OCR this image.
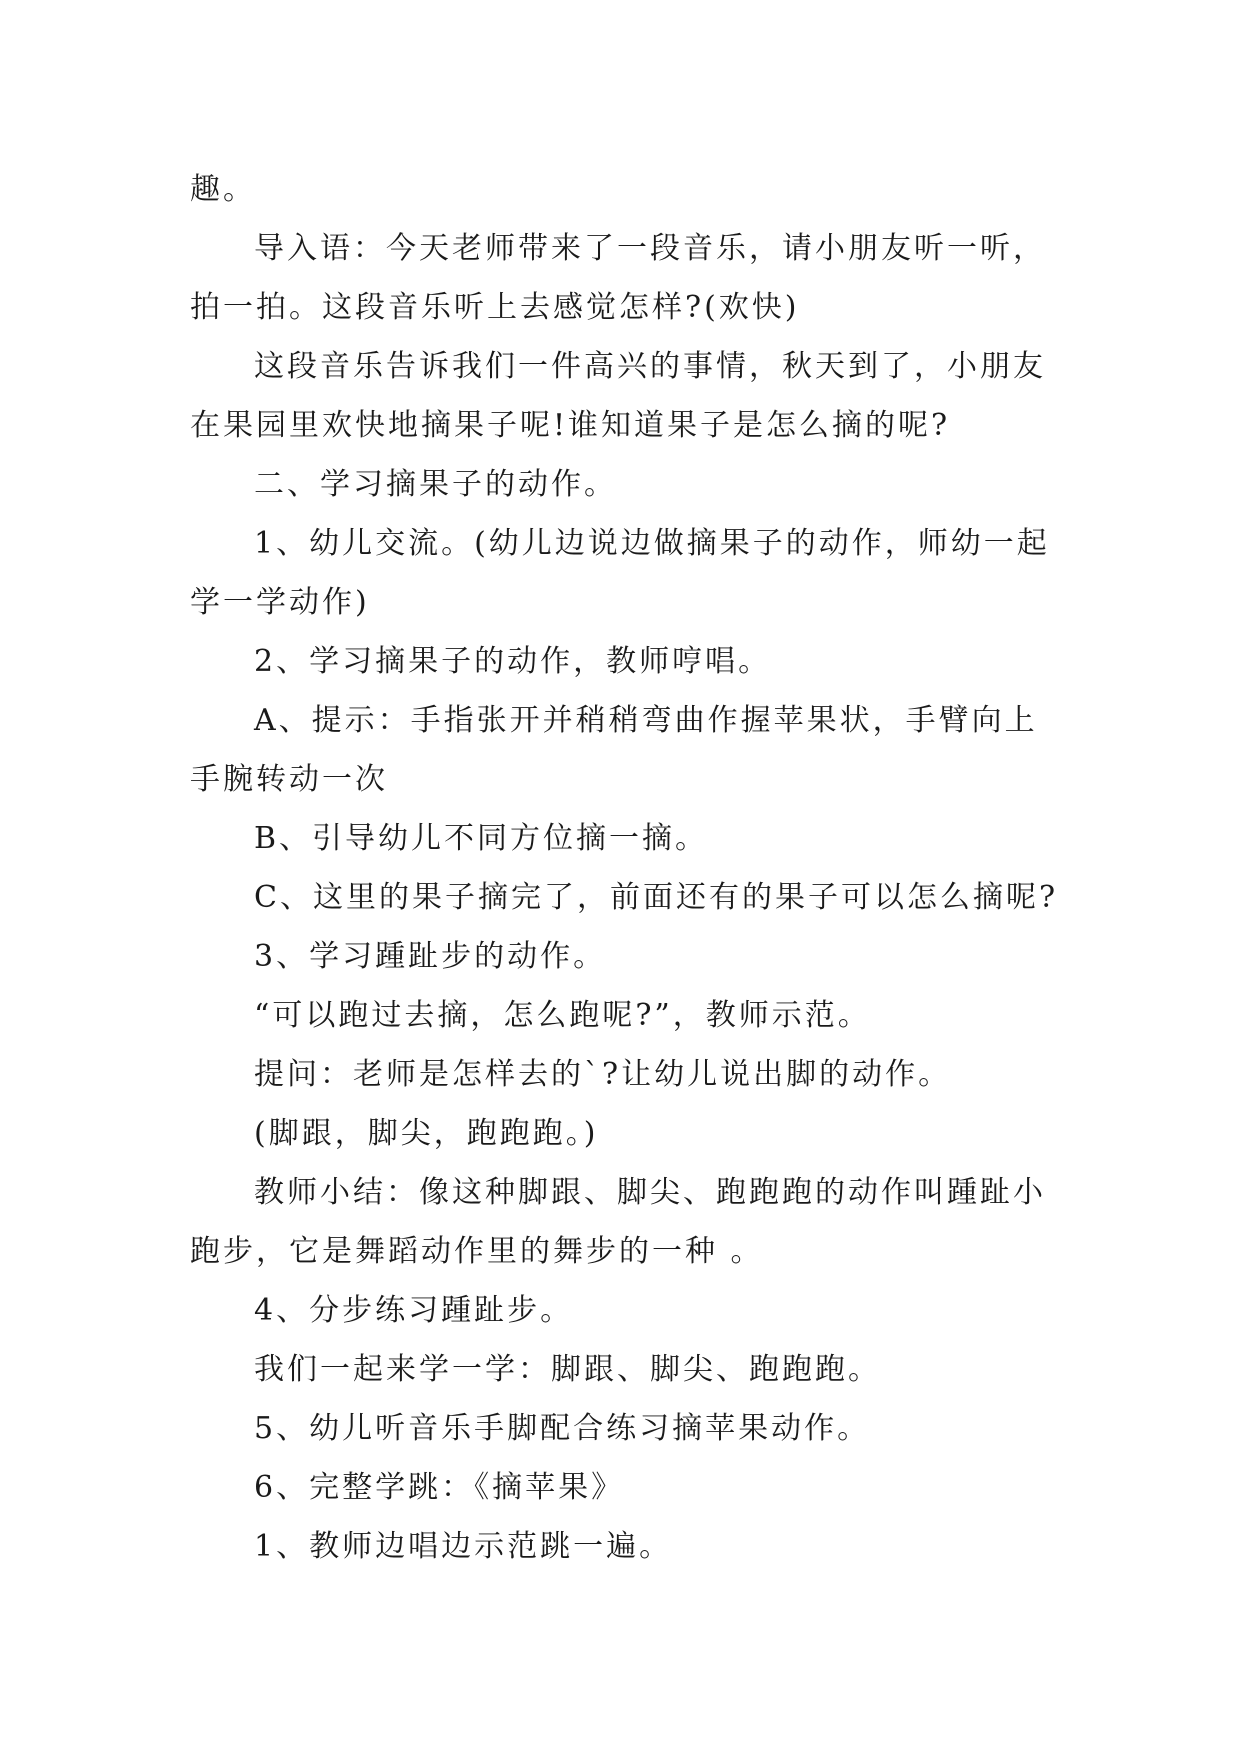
趣。
导入语：今天老师带来了一段音乐，请小朋友听一听，
拍一拍。这段音乐听上去感觉怎样?(欢快)
这段音乐告诉我们一件高兴的事情，秋天到了，小朋友
在果园里欢快地摘果子呢!谁知道果子是怎么摘的呢?
二、学习摘果子的动作。
1、幼儿交流。(幼儿边说边做摘果子的动作，师幼一起
学一学动作)
2、学习摘果子的动作，教师哼唱。
A、提示：手指张开并稍稍弯曲作握苹果状，手臂向上
手腕转动一次
B、引导幼儿不同方位摘一摘。
C、这里的果子摘完了，前面还有的果子可以怎么摘呢?
3、学习踵趾步的动作。
“可以跑过去摘，怎么跑呢?”，教师示范。
提问：老师是怎样去的`?让幼儿说出脚的动作。
(脚跟，脚尖，跑跑跑。)
教师小结：像这种脚跟、脚尖、跑跑跑的动作叫踵趾小
跑步，它是舞蹈动作里的舞步的一种 。
4、分步练习踵趾步。
我们一起来学一学：脚跟、脚尖、跑跑跑。
5、幼儿听音乐手脚配合练习摘苹果动作。
6、完整学跳：《摘苹果》
1、教师边唱边示范跳一遍。
